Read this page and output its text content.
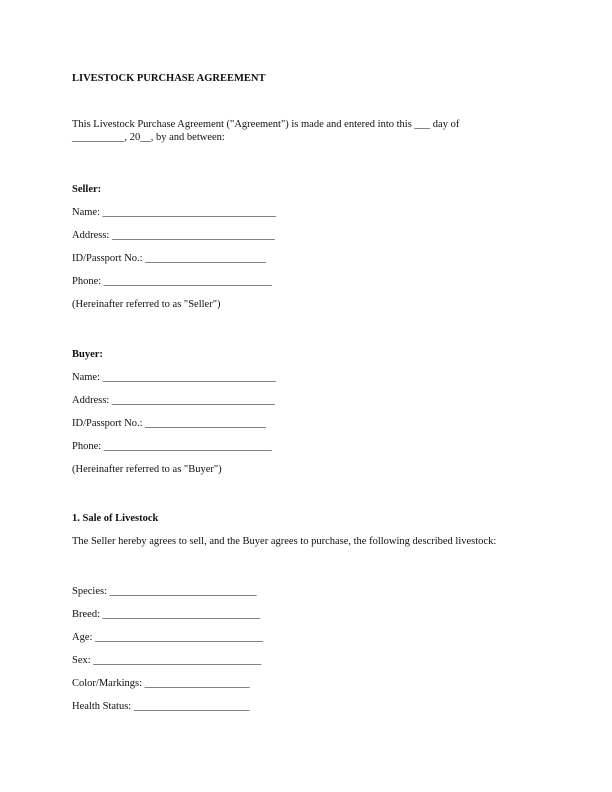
LIVESTOCK PURCHASE AGREEMENT

This Livestock Purchase Agreement ("Agreement") is made and entered into this ___ day of
__________, 20__, by and between:

Seller:

Name: _________________________________
Address: _______________________________
ID/Passport No.: _______________________
Phone: ________________________________
(Hereinafter referred to as "Seller")

Buyer:

Name: _________________________________
Address: _______________________________
ID/Passport No.: _______________________
Phone: ________________________________
(Hereinafter referred to as "Buyer")

1. Sale of Livestock

The Seller hereby agrees to sell, and the Buyer agrees to purchase, the following described livestock:
Species: ____________________________
Breed: ______________________________
Age: ________________________________
Sex: ________________________________
Color/Markings: ____________________
Health Status: ______________________
